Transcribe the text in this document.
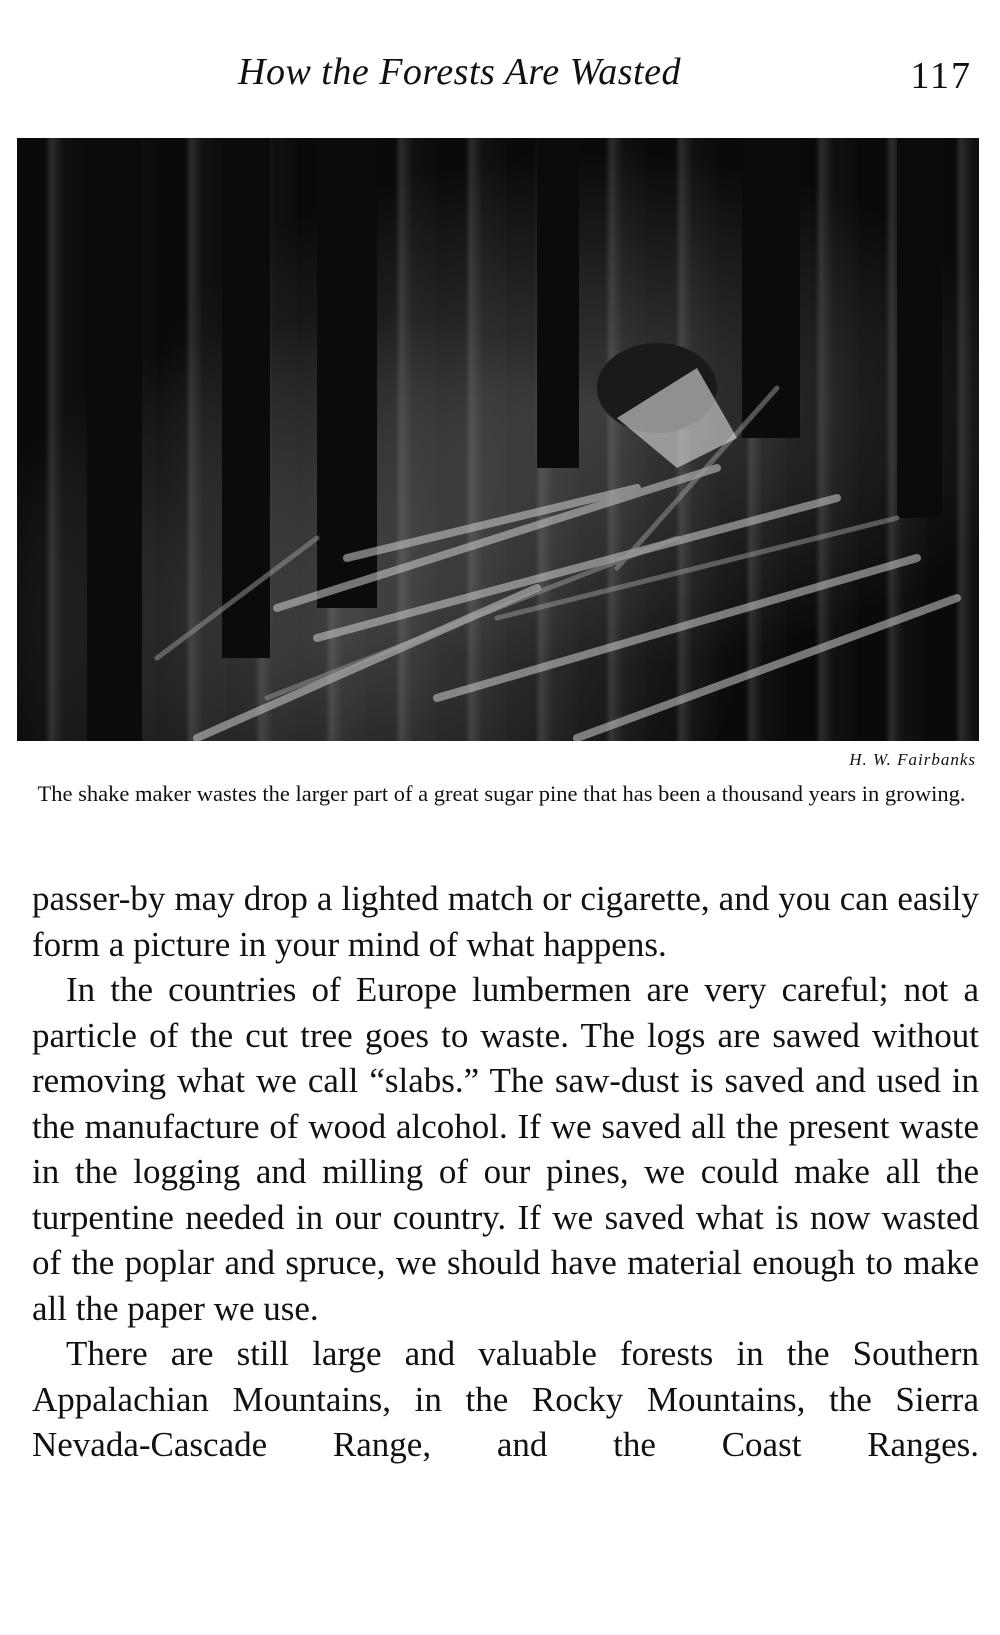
How the Forests Are Wasted	117
H. W. Fairbanks
The shake maker wastes the larger part of a great sugar pine that has been a thousand years in growing.

passer-by may drop a lighted match or cigarette, and you can easily form a picture in your mind of what happens.

In the countries of Europe lumbermen are very careful; not a particle of the cut tree goes to waste. The logs are sawed without removing what we call “slabs.” The saw-dust is saved and used in the manufacture of wood alcohol. If we saved all the present waste in the logging and milling of our pines, we could make all the turpentine needed in our country. If we saved what is now wasted of the poplar and spruce, we should have material enough to make all the paper we use.

There are still large and valuable forests in the Southern Appalachian Mountains, in the Rocky Mountains, the Sierra Nevada-Cascade Range, and the Coast Ranges.
